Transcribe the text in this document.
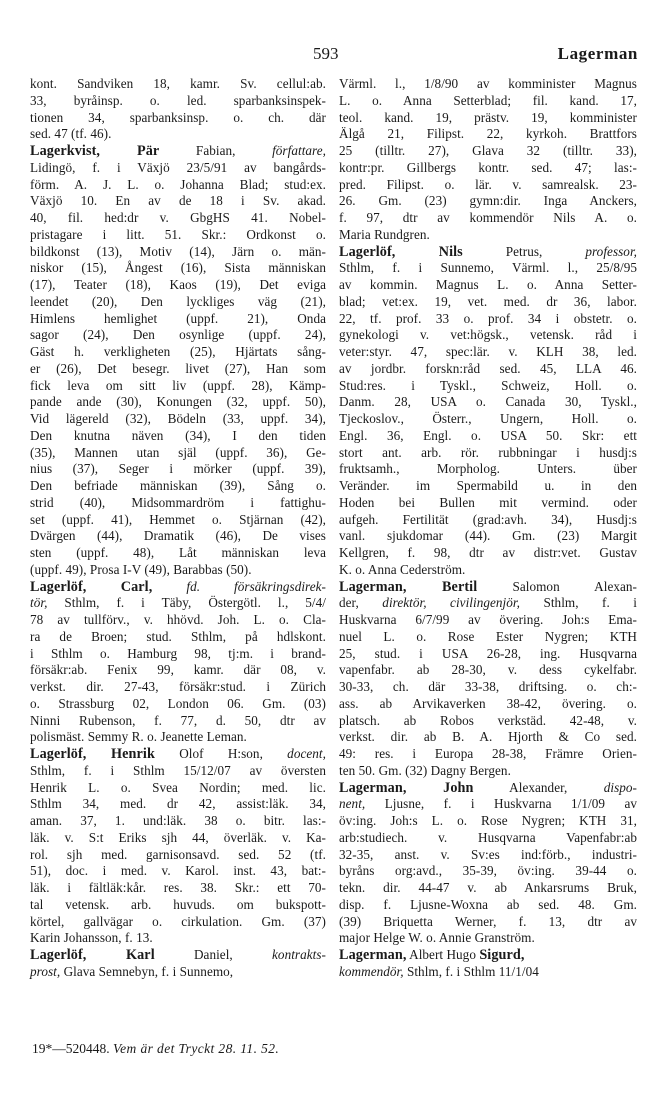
593	Lagerman
kont. Sandviken 18, kamr. Sv. cellul:ab.
33, byråinsp. o. led. sparbanksinspek-
tionen 34, sparbanksinsp. o. ch. där
sed. 47 (tf. 46).
Lagerkvist, Pär Fabian, författare,
Lidingö, f. i Växjö 23/5/91 av bangårds-
förm. A. J. L. o. Johanna Blad; stud:ex.
Växjö 10. En av de 18 i Sv. akad.
40, fil. hed:dr v. GbgHS 41. Nobel-
pristagare i litt. 51. Skr.: Ordkonst o.
bildkonst (13), Motiv (14), Järn o. män-
niskor (15), Ångest (16), Sista människan
(17), Teater (18), Kaos (19), Det eviga
leendet (20), Den lyckliges väg (21),
Himlens hemlighet (uppf. 21), Onda
sagor (24), Den osynlige (uppf. 24),
Gäst h. verkligheten (25), Hjärtats sång-
er (26), Det besegr. livet (27), Han som
fick leva om sitt liv (uppf. 28), Kämp-
pande ande (30), Konungen (32, uppf. 50),
Vid lägereld (32), Bödeln (33, uppf. 34),
Den knutna näven (34), I den tiden
(35), Mannen utan själ (uppf. 36), Ge-
nius (37), Seger i mörker (uppf. 39),
Den befriade människan (39), Sång o.
strid (40), Midsommardröm i fattighu-
set (uppf. 41), Hemmet o. Stjärnan (42),
Dvärgen (44), Dramatik (46), De vises
sten (uppf. 48), Låt människan leva
(uppf. 49), Prosa I-V (49), Barabbas (50).
Lagerlöf, Carl, fd. försäkringsdirek-
tör, Sthlm, f. i Täby, Östergötl. l., 5/4/
78 av tullförv., v. hhövd. Joh. L. o. Cla-
ra de Broen; stud. Sthlm, på hdlskont.
i Sthlm o. Hamburg 98, tj:m. i brand-
försäkr:ab. Fenix 99, kamr. där 08, v.
verkst. dir. 27-43, försäkr:stud. i Zürich
o. Strassburg 02, London 06. Gm. (03)
Ninni Rubenson, f. 77, d. 50, dtr av
polismäst. Semmy R. o. Jeanette Leman.
Lagerlöf, Henrik Olof H:son, docent,
Sthlm, f. i Sthlm 15/12/07 av översten
Henrik L. o. Svea Nordin; med. lic.
Sthlm 34, med. dr 42, assist:läk. 34,
aman. 37, 1. und:läk. 38 o. bitr. las:-
läk. v. S:t Eriks sjh 44, överläk. v. Ka-
rol. sjh med. garnisonsavd. sed. 52 (tf.
51), doc. i med. v. Karol. inst. 43, bat:-
läk. i fältläk:kår. res. 38. Skr.: ett 70-
tal vetensk. arb. huvuds. om bukspott-
körtel, gallvägar o. cirkulation. Gm. (37)
Karin Johansson, f. 13.
Lagerlöf, Karl Daniel, kontrakts-
prost, Glava Semnebyn, f. i Sunnemo,
Värml. l., 1/8/90 av komminister Magnus
L. o. Anna Setterblad; fil. kand. 17,
teol. kand. 19, prästv. 19, komminister
Älgå 21, Filipst. 22, kyrkoh. Brattfors
25 (tilltr. 27), Glava 32 (tilltr. 33),
kontr:pr. Gillbergs kontr. sed. 47; las:-
pred. Filipst. o. lär. v. samrealsk. 23-
26. Gm. (23) gymn:dir. Inga Anckers,
f. 97, dtr av kommendör Nils A. o.
Maria Rundgren.
Lagerlöf, Nils Petrus, professor,
Sthlm, f. i Sunnemo, Värml. l., 25/8/95
av kommin. Magnus L. o. Anna Setter-
blad; vet:ex. 19, vet. med. dr 36, labor.
22, tf. prof. 33 o. prof. 34 i obstetr. o.
gynekologi v. vet:högsk., vetensk. råd i
veter:styr. 47, spec:lär. v. KLH 38, led.
av jordbr. forskn:råd sed. 45, LLA 46.
Stud:res. i Tyskl., Schweiz, Holl. o.
Danm. 28, USA o. Canada 30, Tyskl.,
Tjeckoslov., Österr., Ungern, Holl. o.
Engl. 36, Engl. o. USA 50. Skr: ett
stort ant. arb. rör. rubbningar i husdj:s
fruktsamh., Morpholog. Unters. über
Veränder. im Spermabild u. in den
Hoden bei Bullen mit vermind. oder
aufgeh. Fertilität (grad:avh. 34), Husdj:s
vanl. sjukdomar (44). Gm. (23) Margit
Kellgren, f. 98, dtr av distr:vet. Gustav
K. o. Anna Cederström.
Lagerman, Bertil Salomon Alexan-
der, direktör, civilingenjör, Sthlm, f. i
Huskvarna 6/7/99 av övering. Joh:s Ema-
nuel L. o. Rose Ester Nygren; KTH
25, stud. i USA 26-28, ing. Husqvarna
vapenfabr. ab 28-30, v. dess cykelfabr.
30-33, ch. där 33-38, driftsing. o. ch:-
ass. ab Arvikaverken 38-42, övering. o.
platsch. ab Robos verkstäd. 42-48, v.
verkst. dir. ab B. A. Hjorth & Co sed.
49: res. i Europa 28-38, Främre Orien-
ten 50. Gm. (32) Dagny Bergen.
Lagerman, John Alexander, dispo-
nent, Ljusne, f. i Huskvarna 1/1/09 av
öv:ing. Joh:s L. o. Rose Nygren; KTH 31,
arb:studiech. v. Husqvarna Vapenfabr:ab
32-35, anst. v. Sv:es ind:förb., industri-
byråns org:avd., 35-39, öv:ing. 39-44 o.
tekn. dir. 44-47 v. ab Ankarsrums Bruk,
disp. f. Ljusne-Woxna ab sed. 48. Gm.
(39) Briquetta Werner, f. 13, dtr av
major Helge W. o. Annie Granström.
Lagerman, Albert Hugo Sigurd,
kommendör, Sthlm, f. i Sthlm 11/1/04
19*—520448. Vem är det Tryckt 28. 11. 52.
